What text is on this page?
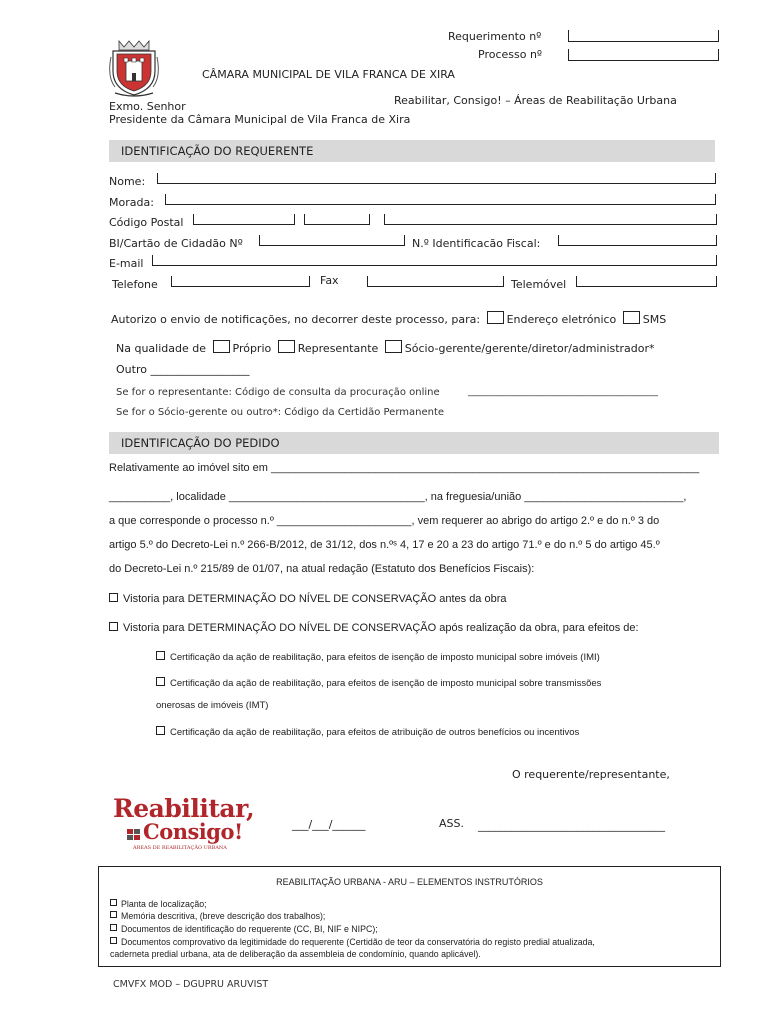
Requerimento nº
Processo nº
CÂMARA MUNICIPAL DE VILA FRANCA DE XIRA
Reabilitar, Consigo! – Áreas de Reabilitação Urbana
Exmo. Senhor
Presidente da Câmara Municipal de Vila Franca de Xira
IDENTIFICAÇÃO DO REQUERENTE
Nome:
Morada:
Código Postal
BI/Cartão de Cidadão Nº	N.º Identificacão Fiscal:
E-mail
Telefone	Fax	Telemóvel
Autorizo o envio de notificações, no decorrer deste processo, para: Endereço eletrónico SMS
Na qualidade de Próprio Representante Sócio-gerente/gerente/diretor/administrador*
Outro __________________
Se for o representante: Código de consulta da procuração online	______________________________________
Se for o Sócio-gerente ou outro*: Código da Certidão Permanente
IDENTIFICAÇÃO DO PEDIDO
Relativamente ao imóvel sito em ______________________________________________________________________
__________, localidade ________________________________, na freguesia/união __________________________,
a que corresponde o processo n.º ______________________, vem requerer ao abrigo do artigo 2.º e do n.º 3 do
artigo 5.º do Decreto-Lei n.º 266-B/2012, de 31/12, dos n.ºˢ 4, 17 e 20 a 23 do artigo 71.º e do n.º 5 do artigo 45.º
do Decreto-Lei n.º 215/89 de 01/07, na atual redação (Estatuto dos Benefícios Fiscais):
Vistoria para DETERMINAÇÃO DO NÍVEL DE CONSERVAÇÃO antes da obra
Vistoria para DETERMINAÇÃO DO NÍVEL DE CONSERVAÇÃO após realização da obra, para efeitos de:
Certificação da ação de reabilitação, para efeitos de isenção de imposto municipal sobre imóveis (IMI)
Certificação da ação de reabilitação, para efeitos de isenção de imposto municipal sobre transmissões
onerosas de imóveis (IMT)
Certificação da ação de reabilitação, para efeitos de atribuição de outros benefícios ou incentivos
O requerente/representante,
Reabilitar,
Consigo!
ÁREAS DE REABILITAÇÃO URBANA
___/___/______	ASS. __________________________________
REABILITAÇÃO URBANA - ARU – ELEMENTOS INSTRUTÓRIOS
Planta de localização;
Memória descritiva, (breve descrição dos trabalhos);
Documentos de identificação do requerente (CC, BI, NIF e NIPC);
Documentos comprovativo da legitimidade do requerente (Certidão de teor da conservatória do registo predial atualizada,
caderneta predial urbana, ata de deliberação da assembleia de condomínio, quando aplicável).
CMVFX MOD – DGUPRU ARUVIST
